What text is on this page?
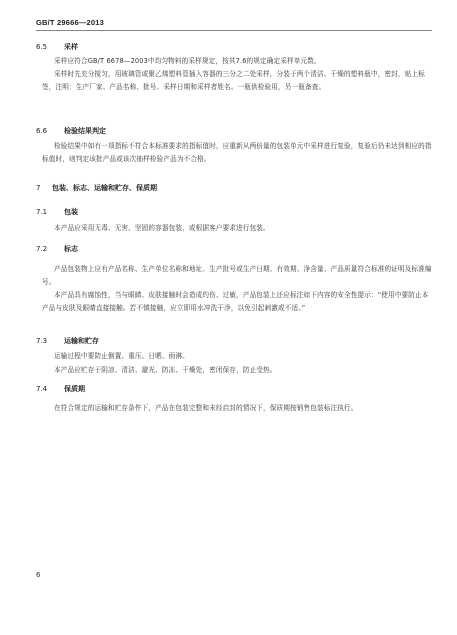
GB/T 29666—2013
6.5 采样
采样应符合GB/T 6678—2003中均匀物料的采样规定，按其7.6的规定确定采样单元数。
采样时先充分搅匀，用玻璃管或聚乙烯塑料管插入容器的三分之二处采样，分装于两个清洁、干燥的塑料瓶中，密封，贴上标签，注明：生产厂家、产品名称、批号、采样日期和采样者姓名。一瓶供检验用，另一瓶备查。
6.6 检验结果判定
检验结果中如有一项指标不符合本标准要求的指标值时，应重新从两倍量的包装单元中采样进行复验，复验后仍未达到相应的指标值时，则判定该批产品或该次抽样检验产品为不合格。
7 包装、标志、运输和贮存、保质期
7.1 包装
本产品应采用无毒、无害、坚固的容器包装，或根据客户要求进行包装。
7.2 标志
产品包装物上应有产品名称、生产单位名称和地址、生产批号或生产日期、有效期、净含量、产品质量符合标准的证明及标准编号。
本产品具有腐蚀性，当与眼睛、皮肤接触时会造成灼伤、过敏，产品包装上还应标注如下内容的安全性提示：“使用中要防止本产品与皮肤及眼睛直接接触。若不慎接触，应立即用水冲洗干净，以免引起刺激或不适。”
7.3 运输和贮存
运输过程中要防止倒置、重压、日晒、雨淋。
本产品应贮存于阴凉、清洁、避光、防冻、干燥处，密闭保存，防止受热。
7.4 保质期
在符合规定的运输和贮存条件下，产品在包装完整和未经启封的情况下，保质期按销售包装标注执行。
6
